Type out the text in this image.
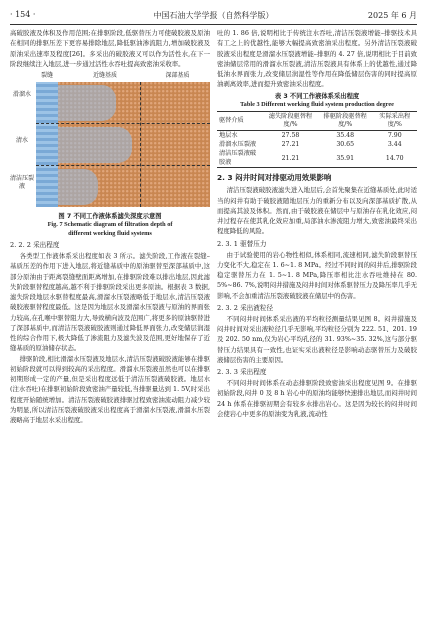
· 154 ·	中国石油大学学报（自然科学版）	2025 年 6 月

高破胶液及体积及作用范围;在排驱阶段,低驱替压力可使破胶液及原油在相同的排驱压差下更容易排除地层,降低驱油渗流阻力,增加破胶液及原油采出速率及程度[26]。多采出的破胶液又可以作为活性水,在下一阶段继续注入地层,进一步通过活性水吞吐提高致密油采收率。

裂缝	近缝基质	深部基质
滑溜水
清水
清洁压裂液

图 7 不同工作液体系滤失深度示意图

Fig. 7 Schematic diagram of filtration depth of

different working fluid systems

2. 2. 2 采出程度

各类型工作液体系采出程度如表 3 所示。滤失阶段,工作液在裂缝–基质压差的作用下进入地层,将近缝基质中的原油驱替至深部基质中,这部分原油由于距离裂缝壁面距离增加,在排驱阶段难以排出地层,因此滤失阶段驱替程度越高,越不利于排驱阶段采出更多原油。根据表 3 数据,滤失阶段地层水驱替程度最高,滑溜水压裂液略低于地层水,清洁压裂液破胶液驱替程度最低。这是因为地层水及滑溜水压裂液与原油的界面张力较高,在孔喉中驱替阻力大,导致横向波及范围广,将更多的原油驱替进了深部基质中,而清洁压裂液破胶液则通过降低界面张力,改变储层润湿性的综合作用下,极大降低了渗流阻力及滤失波及范围,更好地保存了近缝基质的原油储存状态。

排驱阶段,相比滑溜水压裂液及地层水,清洁压裂液破胶液能够在排驱初始阶段就可以得到较高的采出程度。滑溜水压裂液虽然也可以在排驱初期形成一定的产量,但是采出程度远低于清洁压裂液破胶液。地层水(注水吞吐)在排驱初始阶段致密油产量较低,当排驱量达到 1. 5V,时采出程度开始随统增加。清洁压裂液破胶液排驱过程致密油流动阻力减少较为明显,所以清洁压裂液破胶液采出程度高于滑溜水压裂液,滑溜水压裂液略高于地层水采出程度。

吐的 1. 86 倍,说明相比于传统注水吞吐,清洁压裂液增能–排驱技术具有工之上的优越性,能够大幅提高致密油采出程度。另外清洁压裂液破胶液采出程度是滑溜水压裂液增能–排驱的 4. 27 倍,说明相比于目前致密油储层常用的滑溜水压裂液,清洁压裂液具有体系上的优越性,通过降低油水界面张力,改变储层润湿性等作用在降低储层伤害的同时提高原油剥离效率,进而提升致密油采出程度。

表 3 不同工作液体系采出程度

Table 3 Different working fluid system production degree

驱替介质	滤失阶段驱替程度/%	排驱阶段驱替程度/%	实际采出程度/%
地层水	27.58	35.48	7.90
滑溜水压裂液	27.21	30.65	3.44
清洁压裂液破胶液	21.21	35.91	14.70
2. 3 闷井时间对排驱动用效果影响

清洁压裂液破胶液滤失进入地层后,会首先聚集在近缝基质处,此时适当的闷井有助于破胶液随地层压力的重新分布以及向深部基质扩散,从而提高其波及体积。然而,由于破胶液在储层中与原油存在乳化效应,闷井过程存在使其乳化效应加重,局部油水渗流阻力增大,致密油最终采出程度降低的风险。

2. 3. 1 驱替压力

由于试验使用的岩心物性相似,体系相同,流速相同,滤失阶段驱替压力变化不大,稳定在 1. 6~1. 8 MPa。经过不同时间的闷井后,排驱阶段稳定驱替压力在 1. 5~1. 8 MPa,降压率相比注水吞吐维持在 80. 5%~86. 7%,说明闷井措施及闷井时间对体系驱替压力及降压率几乎无影响,不会加重清洁压裂液破胶液在储层中的伤害。

2. 3. 2 采出液粒径

不同闷井时间体系采出液的平均粒径测量结果见图 8。闷井措施及闷井时间对采出液粒径几乎无影响,平均粒径分别为 222. 51、201. 19 及 202. 50 nm,仅为岩心平均孔径的 31. 93%~35. 32%,这与部分驱替压力结果具有一致性,也证实采出液粒径是影响动态驱替压力及破胶液储层伤害的主要原因。

2. 3. 3 采出程度

不同闷井时间体系在动态排驱阶段致密油采出程度见图 9。在排驱初始阶段,闷井 0 及 8 h 岩心中的原油均能够快速排出地层,而闷井时间 24 h 体系在排驱初期会有较多水排出岩心。这是因为较长的闷井时间会使岩心中更多的原油变为乳液,流动性
